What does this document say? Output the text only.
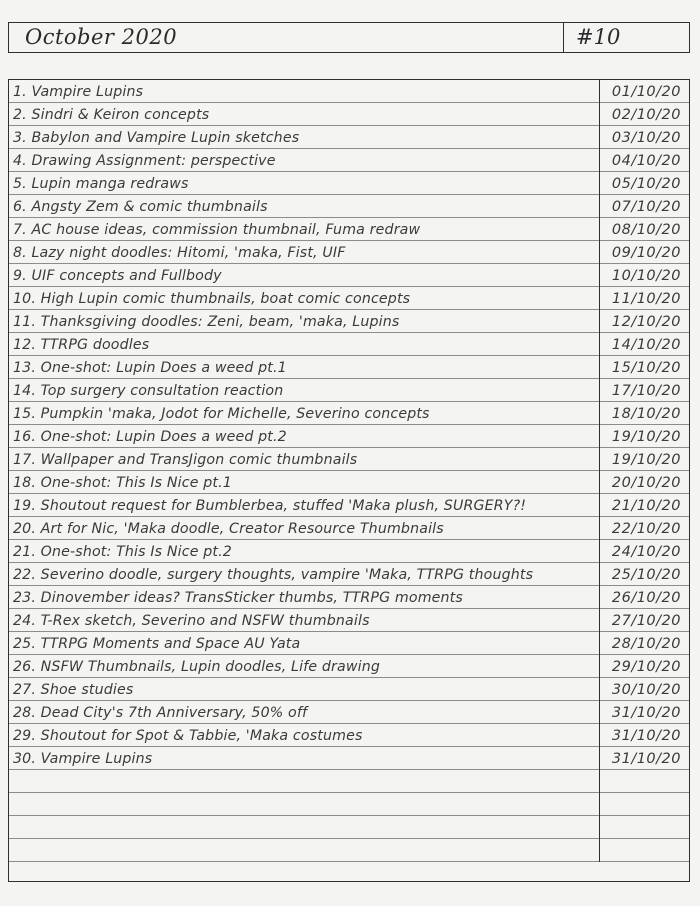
October 2020	#10
1. Vampire Lupins	01/10/20
2. Sindri & Keiron concepts	02/10/20
3. Babylon and Vampire Lupin sketches	03/10/20
4. Drawing Assignment: perspective	04/10/20
5. Lupin manga redraws	05/10/20
6. Angsty Zem & comic thumbnails	07/10/20
7. AC house ideas, commission thumbnail, Fuma redraw	08/10/20
8. Lazy night doodles: Hitomi, 'maka, Fist, UIF	09/10/20
9. UIF concepts and Fullbody	10/10/20
10. High Lupin comic thumbnails, boat comic concepts	11/10/20
11. Thanksgiving doodles: Zeni, beam, 'maka, Lupins	12/10/20
12. TTRPG doodles	14/10/20
13. One-shot: Lupin Does a weed pt.1	15/10/20
14. Top surgery consultation reaction	17/10/20
15. Pumpkin 'maka, Jodot for Michelle, Severino concepts	18/10/20
16. One-shot: Lupin Does a weed pt.2	19/10/20
17. Wallpaper and TransJigon comic thumbnails	19/10/20
18. One-shot: This Is Nice pt.1	20/10/20
19. Shoutout request for Bumblerbea, stuffed 'Maka plush, SURGERY?!	21/10/20
20. Art for Nic, 'Maka doodle, Creator Resource Thumbnails	22/10/20
21. One-shot: This Is Nice pt.2	24/10/20
22. Severino doodle, surgery thoughts, vampire 'Maka, TTRPG thoughts	25/10/20
23. Dinovember ideas? TransSticker thumbs, TTRPG moments	26/10/20
24. T-Rex sketch, Severino and NSFW thumbnails	27/10/20
25. TTRPG Moments and Space AU Yata	28/10/20
26. NSFW Thumbnails, Lupin doodles, Life drawing	29/10/20
27. Shoe studies	30/10/20
28. Dead City's 7th Anniversary, 50% off	31/10/20
29. Shoutout for Spot & Tabbie, 'Maka costumes	31/10/20
30. Vampire Lupins	31/10/20
